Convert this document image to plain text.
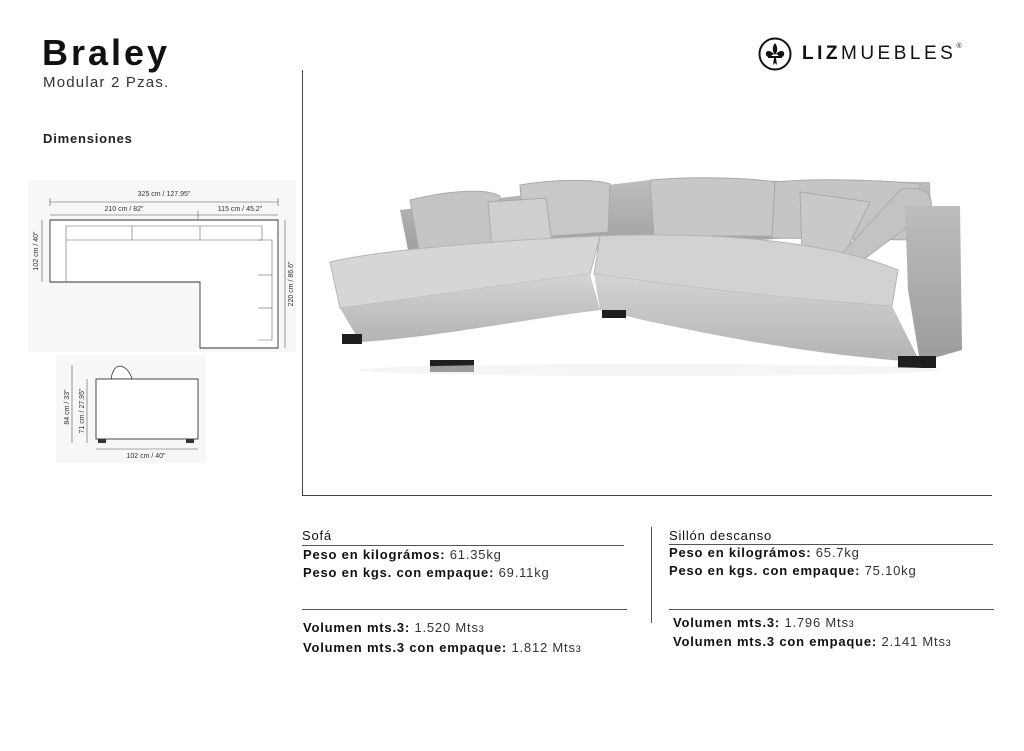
Braley
Modular 2 Pzas.
Dimensiones
LIZMUEBLES®
325 cm / 127.95"
210 cm / 82"	115 cm / 45.2"
102 cm / 40"
220 cm / 86.6"
84 cm / 33" 71 cm / 27.95"
102 cm / 40"
Sofá
Peso en kilográmos: 61.35kg
Peso en kgs. con empaque: 69.11kg
Volumen mts.3: 1.520 Mts3
Volumen mts.3 con empaque: 1.812 Mts3
Sillón descanso
Peso en kilográmos: 65.7kg
Peso en kgs. con empaque: 75.10kg
Volumen mts.3: 1.796 Mts3
Volumen mts.3 con empaque: 2.141 Mts3
